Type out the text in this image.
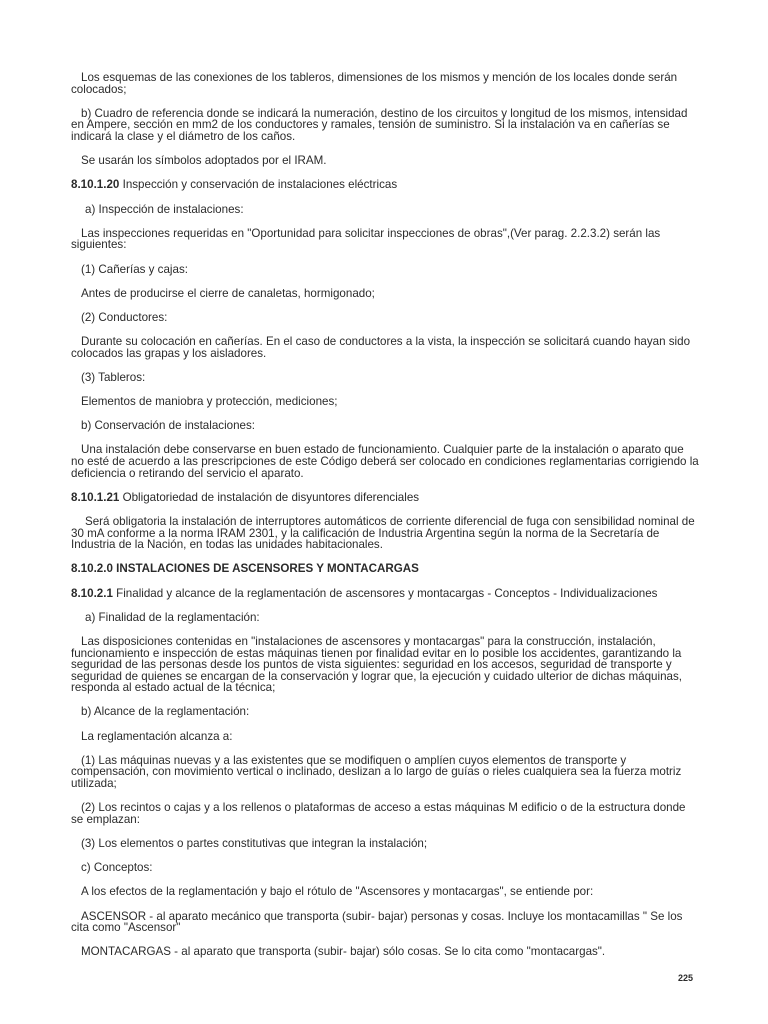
Los esquemas de las conexiones de los tableros, dimensiones de los mismos y mención de los locales donde serán colocados;

b) Cuadro de referencia donde se indicará la numeración, destino de los circuitos y longitud de los mismos, intensidad en Ampere, sección en mm2 de los conductores y ramales, tensión de suministro. Si la instalación va en cañerías se indicará la clase y el diámetro de los caños.

Se usarán los símbolos adoptados por el IRAM.

8.10.1.20 Inspección y conservación de instalaciones eléctricas

a) Inspección de instalaciones:

Las inspecciones requeridas en "Oportunidad para solicitar inspecciones de obras",(Ver parag. 2.2.3.2) serán las siguientes:

(1) Cañerías y cajas:

Antes de producirse el cierre de canaletas, hormigonado;

(2) Conductores:

Durante su colocación en cañerías. En el caso de conductores a la vista, la inspección se solicitará cuando hayan sido colocados las grapas y los aisladores.

(3) Tableros:

Elementos de maniobra y protección, mediciones;

b) Conservación de instalaciones:

Una instalación debe conservarse en buen estado de funcionamiento. Cualquier parte de la instalación o aparato que no esté de acuerdo a las prescripciones de este Código deberá ser colocado en condiciones reglamentarias corrigiendo la deficiencia o retirando del servicio el aparato.

8.10.1.21 Obligatoriedad de instalación de disyuntores diferenciales

Será obligatoria la instalación de interruptores automáticos de corriente diferencial de fuga con sensibilidad nominal de 30 mA conforme a la norma IRAM 2301, y la calificación de Industria Argentina según la norma de la Secretaría de Industria de la Nación, en todas las unidades habitacionales.

8.10.2.0 INSTALACIONES DE ASCENSORES Y MONTACARGAS

8.10.2.1 Finalidad y alcance de la reglamentación de ascensores y montacargas - Conceptos - Individualizaciones

a) Finalidad de la reglamentación:

Las disposiciones contenidas en "instalaciones de ascensores y montacargas" para la construcción, instalación, funcionamiento e inspección de estas máquinas tienen por finalidad evitar en lo posible los accidentes, garantizando la seguridad de las personas desde los puntos de vista siguientes: seguridad en los accesos, seguridad de transporte y seguridad de quienes se encargan de la conservación y lograr que, la ejecución y cuidado ulterior de dichas máquinas, responda al estado actual de la técnica;

b) Alcance de la reglamentación:

La reglamentación alcanza a:

(1) Las máquinas nuevas y a las existentes que se modifiquen o amplíen cuyos elementos de transporte y compensación, con movimiento vertical o inclinado, deslizan a lo largo de guías o rieles cualquiera sea la fuerza motriz utilizada;

(2) Los recintos o cajas y a los rellenos o plataformas de acceso a estas máquinas M edificio o de la estructura donde se emplazan:

(3) Los elementos o partes constitutivas que integran la instalación;

c) Conceptos:

A los efectos de la reglamentación y bajo el rótulo de "Ascensores y montacargas", se entiende por:

ASCENSOR - al aparato mecánico que transporta (subir- bajar) personas y cosas. Incluye los montacamillas " Se los cita como "Ascensor"

MONTACARGAS - al aparato que transporta (subir- bajar) sólo cosas. Se lo cita como "montacargas".

225
